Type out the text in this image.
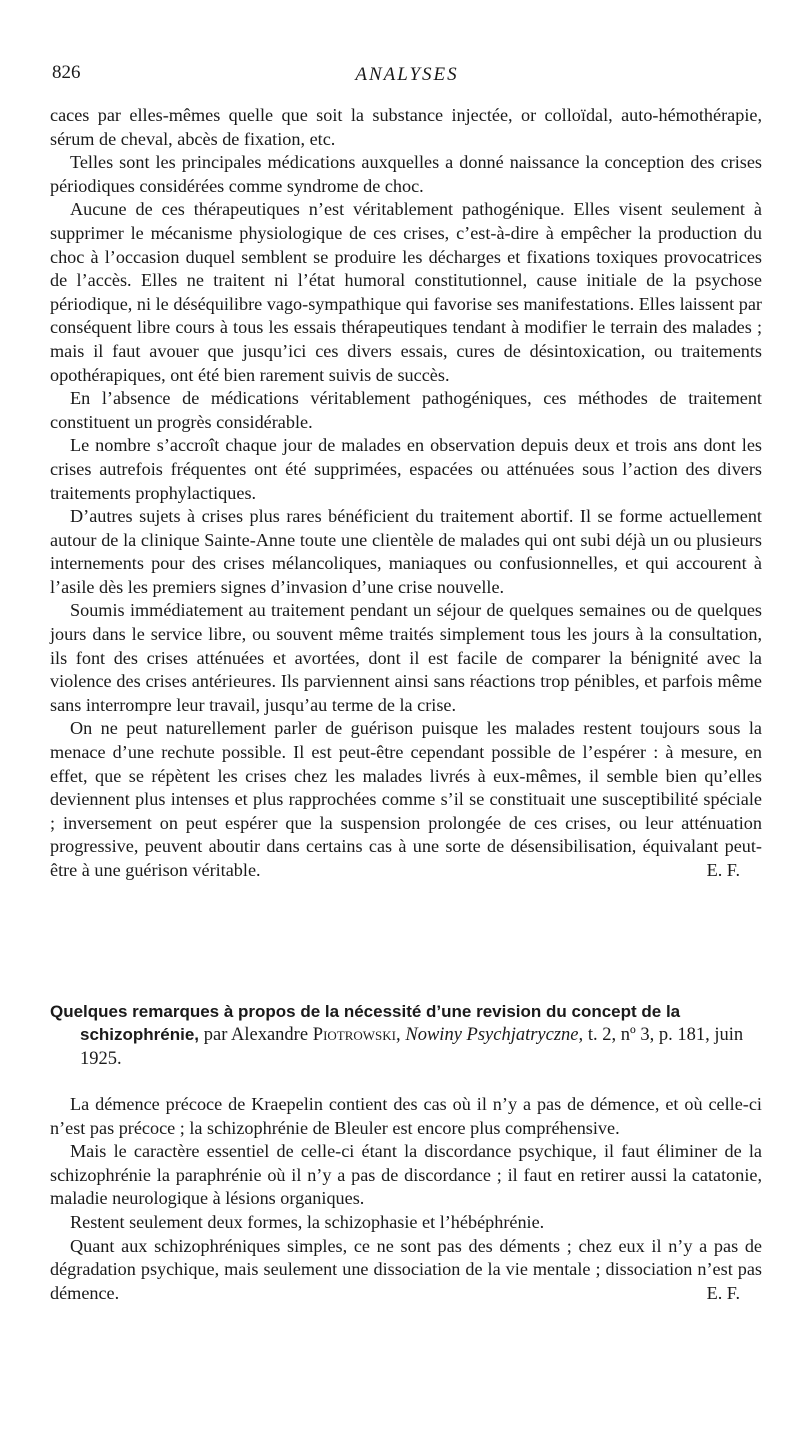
826	ANALYSES

caces par elles-mêmes quelle que soit la substance injectée, or colloïdal, auto-hémothérapie, sérum de cheval, abcès de fixation, etc.

Telles sont les principales médications auxquelles a donné naissance la conception des crises périodiques considérées comme syndrome de choc.

Aucune de ces thérapeutiques n’est véritablement pathogénique. Elles visent seulement à supprimer le mécanisme physiologique de ces crises, c’est-à-dire à empêcher la production du choc à l’occasion duquel semblent se produire les décharges et fixations toxiques provocatrices de l’accès. Elles ne traitent ni l’état humoral constitutionnel, cause initiale de la psychose périodique, ni le déséquilibre vago-sympathique qui favorise ses manifestations. Elles laissent par conséquent libre cours à tous les essais thérapeutiques tendant à modifier le terrain des malades ; mais il faut avouer que jusqu’ici ces divers essais, cures de désintoxication, ou traitements opothérapiques, ont été bien rarement suivis de succès.

En l’absence de médications véritablement pathogéniques, ces méthodes de traitement constituent un progrès considérable.

Le nombre s’accroît chaque jour de malades en observation depuis deux et trois ans dont les crises autrefois fréquentes ont été supprimées, espacées ou atténuées sous l’action des divers traitements prophylactiques.

D’autres sujets à crises plus rares bénéficient du traitement abortif. Il se forme actuellement autour de la clinique Sainte-Anne toute une clientèle de malades qui ont subi déjà un ou plusieurs internements pour des crises mélancoliques, maniaques ou confusionnelles, et qui accourent à l’asile dès les premiers signes d’invasion d’une crise nouvelle.

Soumis immédiatement au traitement pendant un séjour de quelques semaines ou de quelques jours dans le service libre, ou souvent même traités simplement tous les jours à la consultation, ils font des crises atténuées et avortées, dont il est facile de comparer la bénignité avec la violence des crises antérieures. Ils parviennent ainsi sans réactions trop pénibles, et parfois même sans interrompre leur travail, jusqu’au terme de la crise.

On ne peut naturellement parler de guérison puisque les malades restent toujours sous la menace d’une rechute possible. Il est peut-être cependant possible de l’espérer : à mesure, en effet, que se répètent les crises chez les malades livrés à eux-mêmes, il semble bien qu’elles deviennent plus intenses et plus rapprochées comme s’il se constituait une susceptibilité spéciale ; inversement on peut espérer que la suspension prolongée de ces crises, ou leur atténuation progressive, peuvent aboutir dans certains cas à une sorte de désensibilisation, équivalant peut-être à une guérison véritable.	E. F.

Quelques remarques à propos de la nécessité d’une revision du concept de la schizophrénie, par Alexandre Piotrowski, Nowiny Psychjatryczne, t. 2, nº 3, p. 181, juin 1925.

La démence précoce de Kraepelin contient des cas où il n’y a pas de démence, et où celle-ci n’est pas précoce ; la schizophrénie de Bleuler est encore plus compréhensive.

Mais le caractère essentiel de celle-ci étant la discordance psychique, il faut éliminer de la schizophrénie la paraphrénie où il n’y a pas de discordance ; il faut en retirer aussi la catatonie, maladie neurologique à lésions organiques.

Restent seulement deux formes, la schizophasie et l’hébéphrénie.

Quant aux schizophréniques simples, ce ne sont pas des déments ; chez eux il n’y a pas de dégradation psychique, mais seulement une dissociation de la vie mentale ; dissociation n’est pas démence.	E. F.
